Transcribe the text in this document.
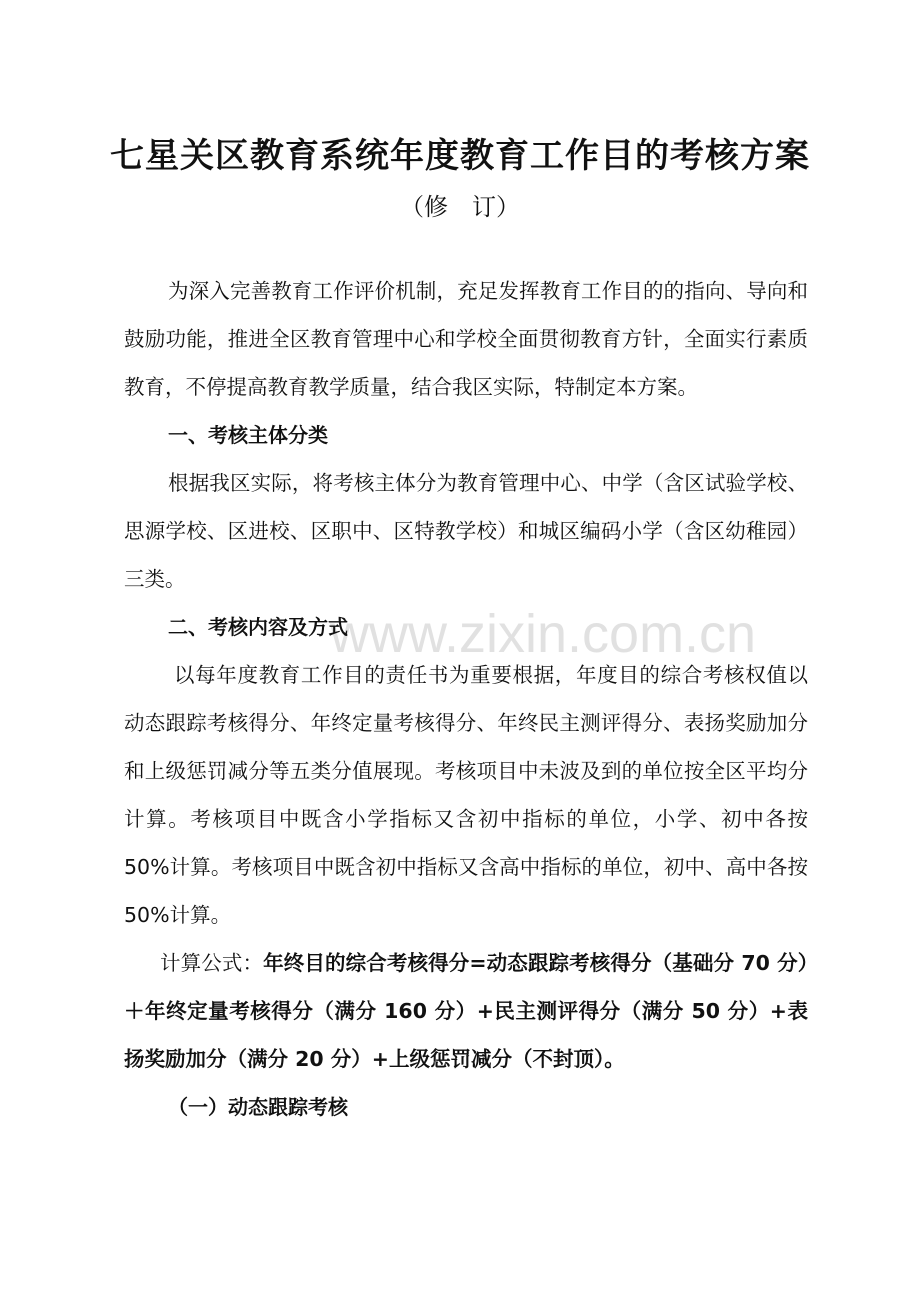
www.zixin.com.cn
七星关区教育系统年度教育工作目的考核方案
（修　订）

为深入完善教育工作评价机制，充足发挥教育工作目的的指向、导向和鼓励功能，推进全区教育管理中心和学校全面贯彻教育方针，全面实行素质教育，不停提高教育教学质量，结合我区实际，特制定本方案。

一、考核主体分类

根据我区实际，将考核主体分为教育管理中心、中学（含区试验学校、思源学校、区进校、区职中、区特教学校）和城区编码小学（含区幼稚园）三类。

二、考核内容及方式

以每年度教育工作目的责任书为重要根据，年度目的综合考核权值以动态跟踪考核得分、年终定量考核得分、年终民主测评得分、表扬奖励加分和上级惩罚减分等五类分值展现。考核项目中未波及到的单位按全区平均分计算。考核项目中既含小学指标又含初中指标的单位，小学、初中各按 50%计算。考核项目中既含初中指标又含高中指标的单位，初中、高中各按 50%计算。

计算公式：年终目的综合考核得分=动态跟踪考核得分（基础分 70 分）＋年终定量考核得分（满分 160 分）+民主测评得分（满分 50 分）+表扬奖励加分（满分 20 分）+上级惩罚减分（不封顶）。

（一）动态跟踪考核
